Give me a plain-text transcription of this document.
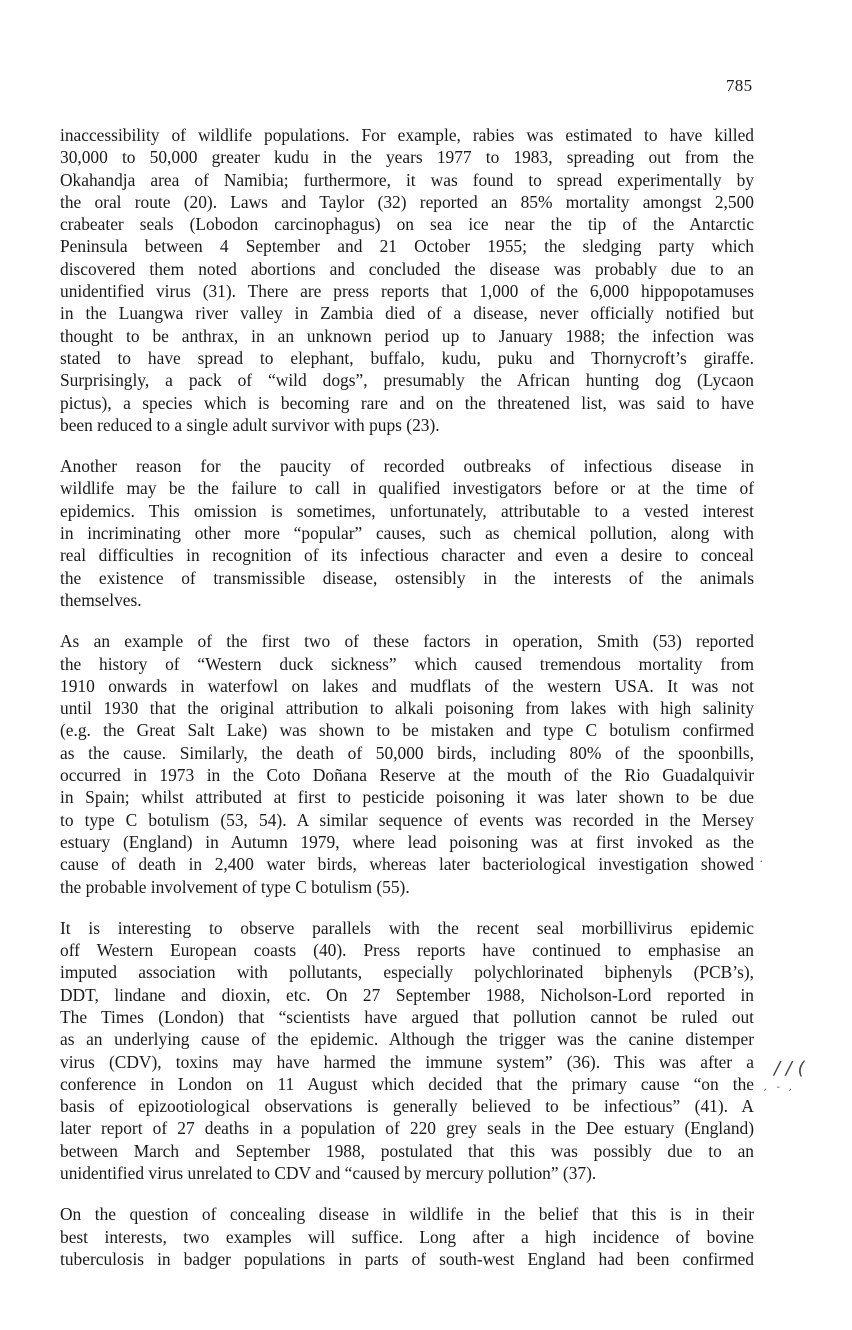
785

inaccessibility of wildlife populations. For example, rabies was estimated to have killed
30,000 to 50,000 greater kudu in the years 1977 to 1983, spreading out from the
Okahandja area of Namibia; furthermore, it was found to spread experimentally by
the oral route (20). Laws and Taylor (32) reported an 85% mortality amongst 2,500
crabeater seals (Lobodon carcinophagus) on sea ice near the tip of the Antarctic
Peninsula between 4 September and 21 October 1955; the sledging party which
discovered them noted abortions and concluded the disease was probably due to an
unidentified virus (31). There are press reports that 1,000 of the 6,000 hippopotamuses
in the Luangwa river valley in Zambia died of a disease, never officially notified but
thought to be anthrax, in an unknown period up to January 1988; the infection was
stated to have spread to elephant, buffalo, kudu, puku and Thornycroft’s giraffe.
Surprisingly, a pack of “wild dogs”, presumably the African hunting dog (Lycaon
pictus), a species which is becoming rare and on the threatened list, was said to have
been reduced to a single adult survivor with pups (23).

Another reason for the paucity of recorded outbreaks of infectious disease in
wildlife may be the failure to call in qualified investigators before or at the time of
epidemics. This omission is sometimes, unfortunately, attributable to a vested interest
in incriminating other more “popular” causes, such as chemical pollution, along with
real difficulties in recognition of its infectious character and even a desire to conceal
the existence of transmissible disease, ostensibly in the interests of the animals
themselves.

As an example of the first two of these factors in operation, Smith (53) reported
the history of “Western duck sickness” which caused tremendous mortality from
1910 onwards in waterfowl on lakes and mudflats of the western USA. It was not
until 1930 that the original attribution to alkali poisoning from lakes with high salinity
(e.g. the Great Salt Lake) was shown to be mistaken and type C botulism confirmed
as the cause. Similarly, the death of 50,000 birds, including 80% of the spoonbills,
occurred in 1973 in the Coto Doñana Reserve at the mouth of the Rio Guadalquivir
in Spain; whilst attributed at first to pesticide poisoning it was later shown to be due
to type C botulism (53, 54). A similar sequence of events was recorded in the Mersey
estuary (England) in Autumn 1979, where lead poisoning was at first invoked as the
cause of death in 2,400 water birds, whereas later bacteriological investigation showed
the probable involvement of type C botulism (55).

It is interesting to observe parallels with the recent seal morbillivirus epidemic
off Western European coasts (40). Press reports have continued to emphasise an
imputed association with pollutants, especially polychlorinated biphenyls (PCB’s),
DDT, lindane and dioxin, etc. On 27 September 1988, Nicholson-Lord reported in
The Times (London) that “scientists have argued that pollution cannot be ruled out
as an underlying cause of the epidemic. Although the trigger was the canine distemper
virus (CDV), toxins may have harmed the immune system” (36). This was after a
conference in London on 11 August which decided that the primary cause “on the
basis of epizootiological observations is generally believed to be infectious” (41). A
later report of 27 deaths in a population of 220 grey seals in the Dee estuary (England)
between March and September 1988, postulated that this was possibly due to an
unidentified virus unrelated to CDV and “caused by mercury pollution” (37).

On the question of concealing disease in wildlife in the belief that this is in their
best interests, two examples will suffice. Long after a high incidence of bovine
tuberculosis in badger populations in parts of south-west England had been confirmed

/ / (
, - ,
.
